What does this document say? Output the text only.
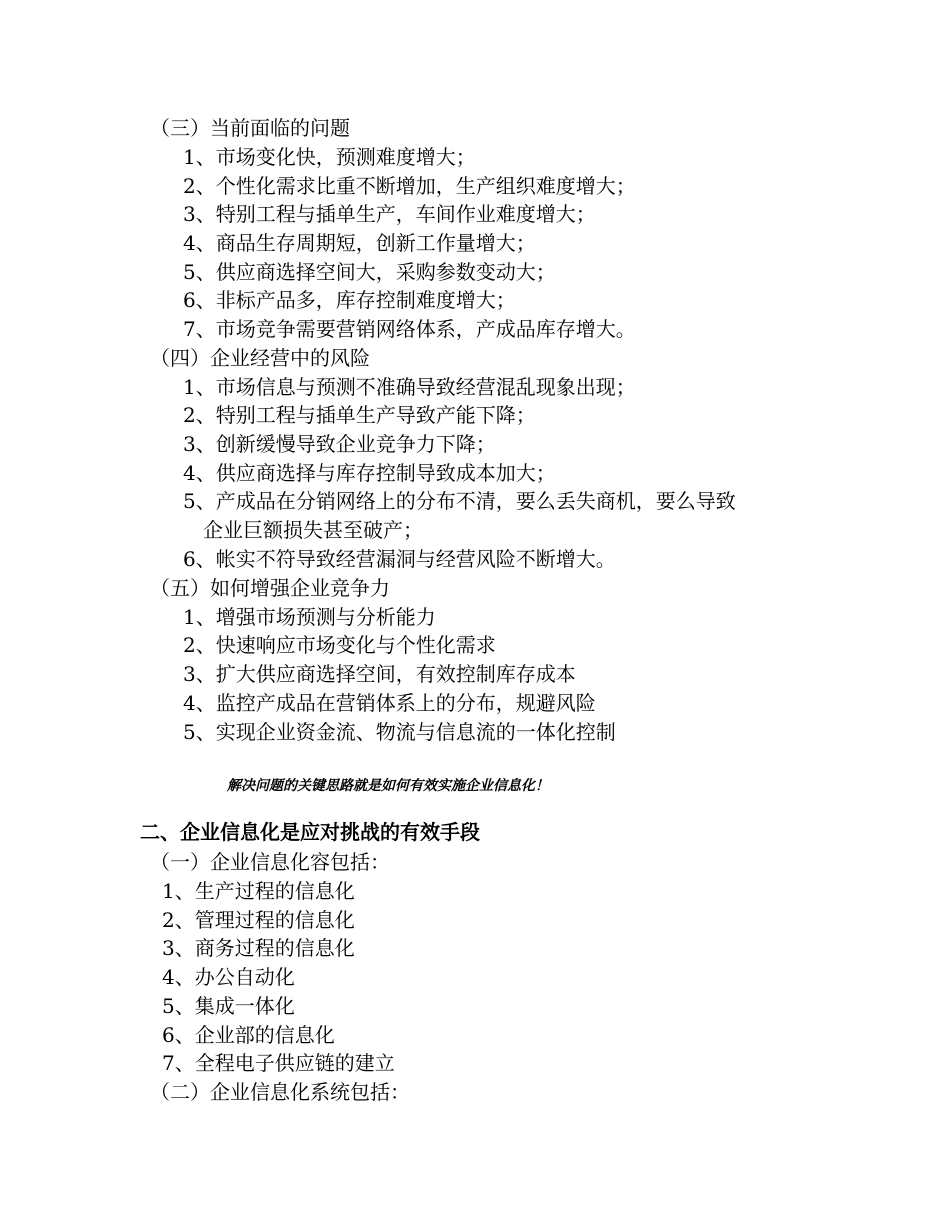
（三）当前面临的问题
1、市场变化快，预测难度增大；
2、个性化需求比重不断增加，生产组织难度增大；
3、特别工程与插单生产，车间作业难度增大；
4、商品生存周期短，创新工作量增大；
5、供应商选择空间大，采购参数变动大；
6、非标产品多，库存控制难度增大；
7、市场竞争需要营销网络体系，产成品库存增大。
（四）企业经营中的风险
1、市场信息与预测不准确导致经营混乱现象出现；
2、特别工程与插单生产导致产能下降；
3、创新缓慢导致企业竞争力下降；
4、供应商选择与库存控制导致成本加大；
5、产成品在分销网络上的分布不清，要么丢失商机，要么导致
企业巨额损失甚至破产；
6、帐实不符导致经营漏洞与经营风险不断增大。
（五）如何增强企业竞争力
1、增强市场预测与分析能力
2、快速响应市场变化与个性化需求
3、扩大供应商选择空间，有效控制库存成本
4、监控产成品在营销体系上的分布，规避风险
5、实现企业资金流、物流与信息流的一体化控制
解决问题的关键思路就是如何有效实施企业信息化！
二、企业信息化是应对挑战的有效手段
（一）企业信息化容包括：
1、生产过程的信息化
2、管理过程的信息化
3、商务过程的信息化
4、办公自动化
5、集成一体化
6、企业部的信息化
7、全程电子供应链的建立
（二）企业信息化系统包括：
